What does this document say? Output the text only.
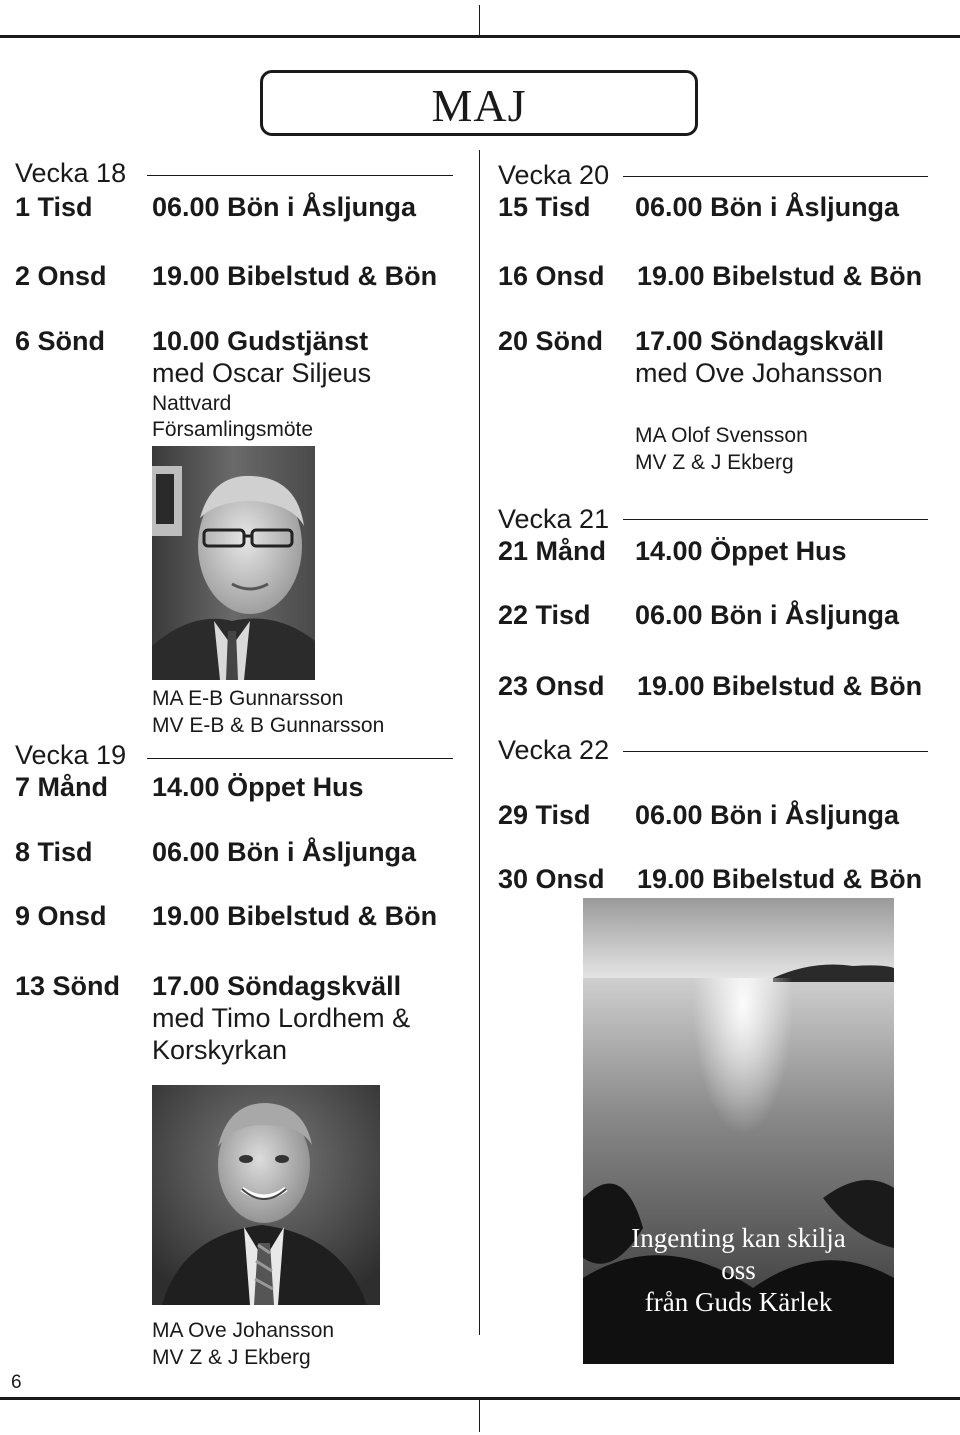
MAJ
Vecka 18
1 Tisd 06.00 Bön i Åsljunga
2 Onsd 19.00 Bibelstud & Bön
6 Sönd 10.00 Gudstjänst
med Oscar Siljeus
Nattvard
Församlingsmöte
MA E-B Gunnarsson
MV E-B & B Gunnarsson
Vecka 19
7 Månd 14.00 Öppet Hus
8 Tisd 06.00 Bön i Åsljunga
9 Onsd 19.00 Bibelstud & Bön
13 Sönd 17.00 Söndagskväll
med Timo Lordhem &
Korskyrkan
MA Ove Johansson
MV Z & J Ekberg
Vecka 20
15 Tisd 06.00 Bön i Åsljunga
16 Onsd 19.00 Bibelstud & Bön
20 Sönd 17.00 Söndagskväll
med Ove Johansson
MA Olof Svensson
MV Z & J Ekberg
Vecka 21
21 Månd 14.00 Öppet Hus
22 Tisd 06.00 Bön i Åsljunga
23 Onsd 19.00 Bibelstud & Bön
Vecka 22
29 Tisd 06.00 Bön i Åsljunga
30 Onsd 19.00 Bibelstud & Bön
Ingenting kan skilja
oss
från Guds Kärlek
6
